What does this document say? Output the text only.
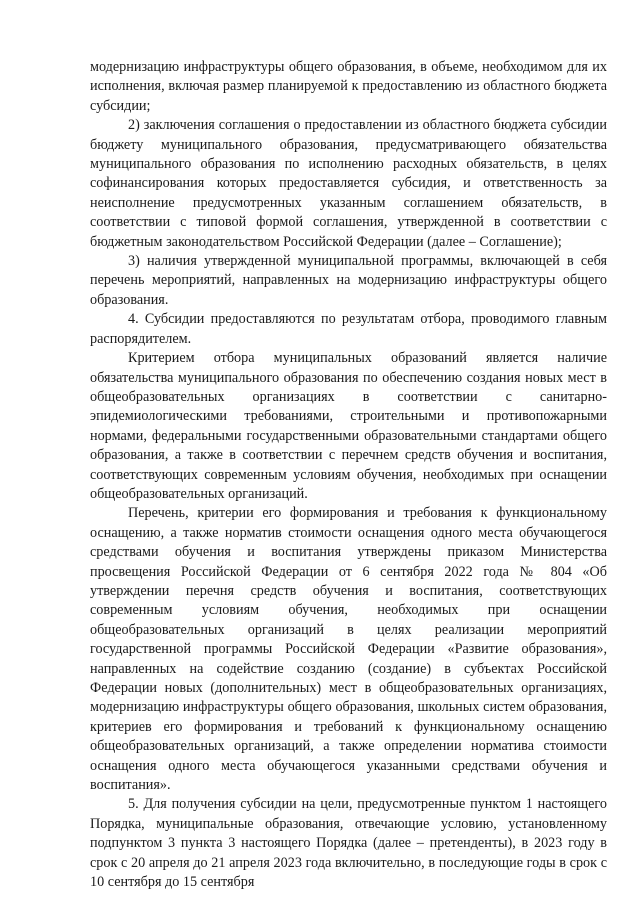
модернизацию инфраструктуры общего образования, в объеме, необходимом для их исполнения, включая размер планируемой к предоставлению из областного бюджета субсидии;

2) заключения соглашения о предоставлении из областного бюджета субсидии бюджету муниципального образования, предусматривающего обязательства муниципального образования по исполнению расходных обязательств, в целях софинансирования которых предоставляется субсидия, и ответственность за неисполнение предусмотренных указанным соглашением обязательств, в соответствии с типовой формой соглашения, утвержденной в соответствии с бюджетным законодательством Российской Федерации (далее – Соглашение);

3) наличия утвержденной муниципальной программы, включающей в себя перечень мероприятий, направленных на модернизацию инфраструктуры общего образования.

4. Субсидии предоставляются по результатам отбора, проводимого главным распорядителем.

Критерием отбора муниципальных образований является наличие обязательства муниципального образования по обеспечению создания новых мест в общеобразовательных организациях в соответствии с санитарно-эпидемиологическими требованиями, строительными и противопожарными нормами, федеральными государственными образовательными стандартами общего образования, а также в соответствии с перечнем средств обучения и воспитания, соответствующих современным условиям обучения, необходимых при оснащении общеобразовательных организаций.

Перечень, критерии его формирования и требования к функциональному оснащению, а также норматив стоимости оснащения одного места обучающегося средствами обучения и воспитания утверждены приказом Министерства просвещения Российской Федерации от 6 сентября 2022 года № 804 «Об утверждении перечня средств обучения и воспитания, соответствующих современным условиям обучения, необходимых при оснащении общеобразовательных организаций в целях реализации мероприятий государственной программы Российской Федерации «Развитие образования», направленных на содействие созданию (создание) в субъектах Российской Федерации новых (дополнительных) мест в общеобразовательных организациях, модернизацию инфраструктуры общего образования, школьных систем образования, критериев его формирования и требований к функциональному оснащению общеобразовательных организаций, а также определении норматива стоимости оснащения одного места обучающегося указанными средствами обучения и воспитания».

5. Для получения субсидии на цели, предусмотренные пунктом 1 настоящего Порядка, муниципальные образования, отвечающие условию, установленному подпунктом 3 пункта 3 настоящего Порядка (далее – претенденты), в 2023 году в срок с 20 апреля до 21 апреля 2023 года включительно, в последующие годы в срок с 10 сентября до 15 сентября
